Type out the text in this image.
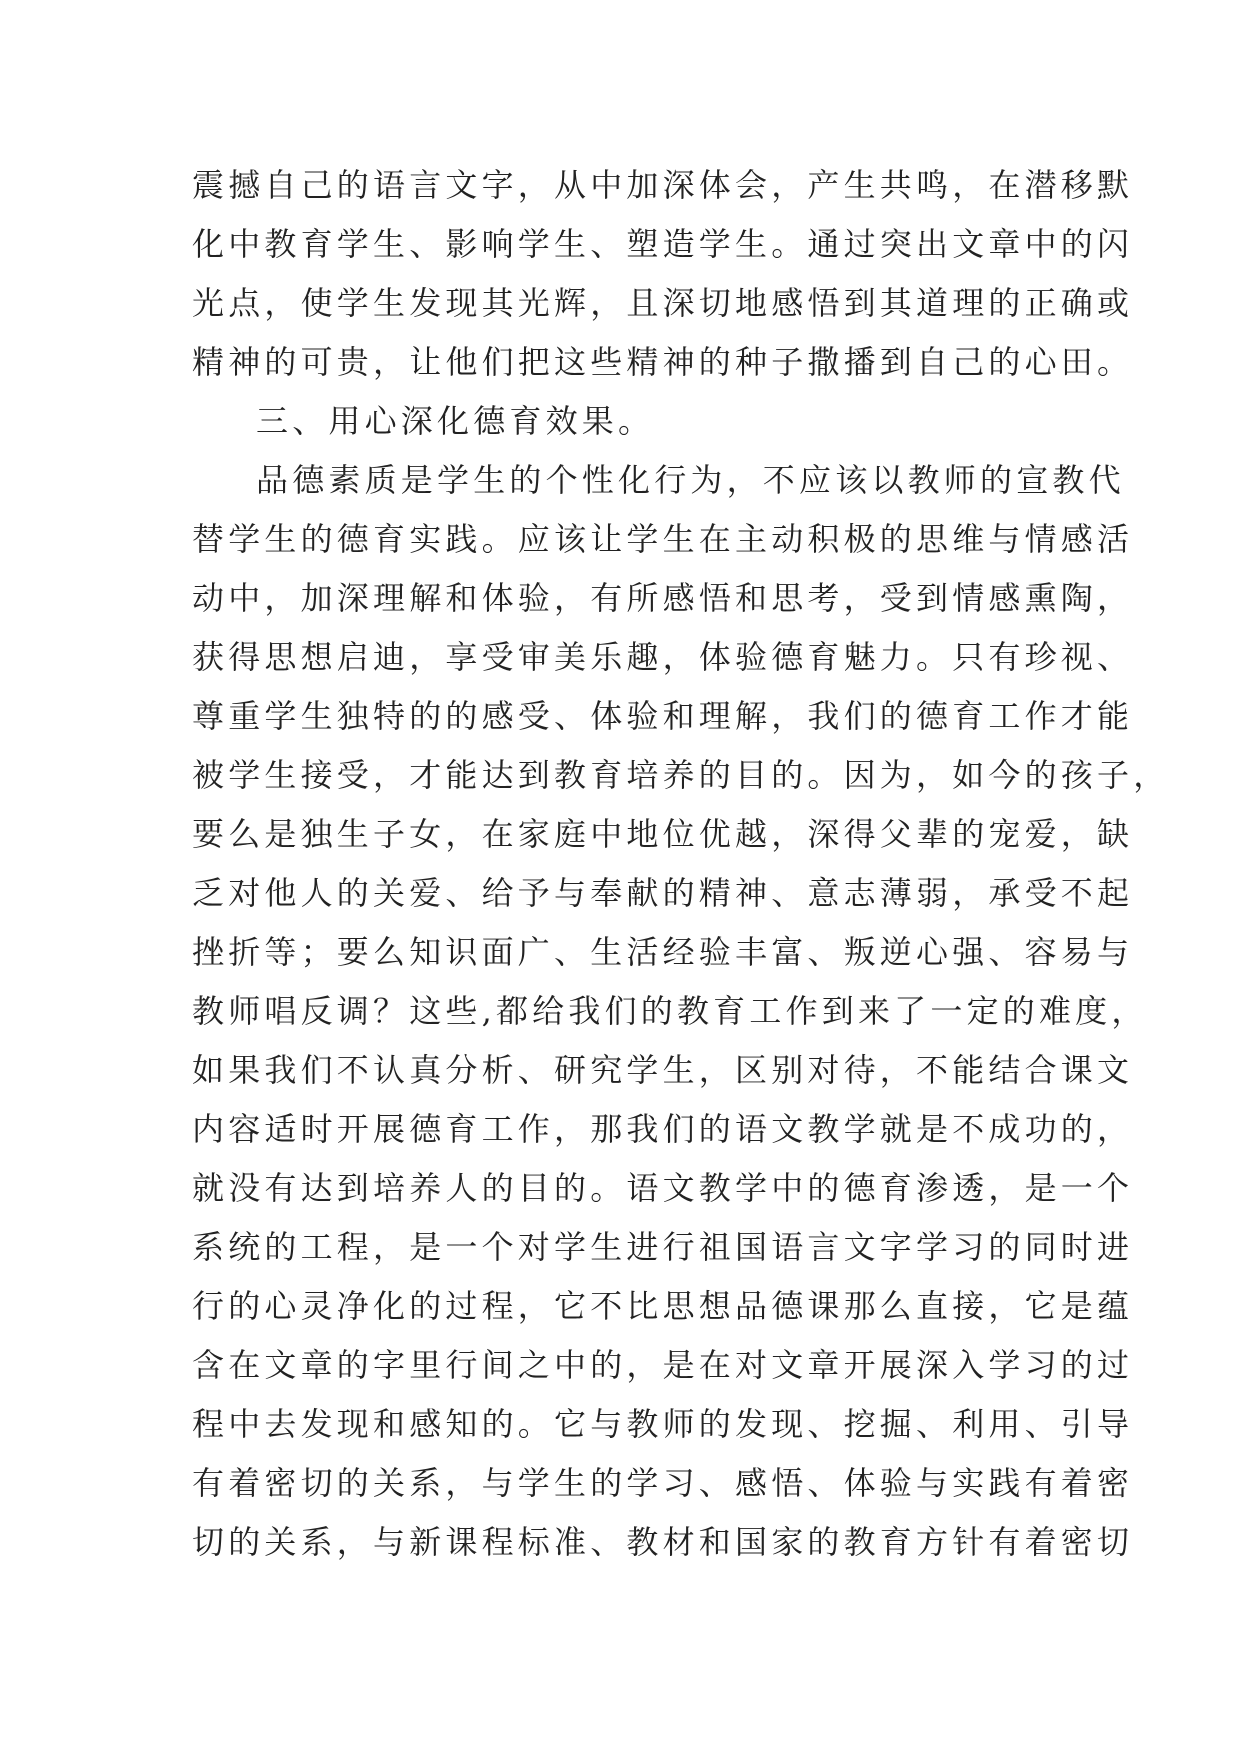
震撼自己的语言文字，从中加深体会，产生共鸣，在潜移默
化中教育学生、影响学生、塑造学生。通过突出文章中的闪
光点，使学生发现其光辉，且深切地感悟到其道理的正确或
精神的可贵，让他们把这些精神的种子撒播到自己的心田。
三、用心深化德育效果。
品德素质是学生的个性化行为，不应该以教师的宣教代
替学生的德育实践。应该让学生在主动积极的思维与情感活
动中，加深理解和体验，有所感悟和思考，受到情感熏陶，
获得思想启迪，享受审美乐趣，体验德育魅力。只有珍视、
尊重学生独特的的感受、体验和理解，我们的德育工作才能
被学生接受，才能达到教育培养的目的。因为，如今的孩子，
要么是独生子女，在家庭中地位优越，深得父辈的宠爱，缺
乏对他人的关爱、给予与奉献的精神、意志薄弱，承受不起
挫折等；要么知识面广、生活经验丰富、叛逆心强、容易与
教师唱反调？这些,都给我们的教育工作到来了一定的难度，
如果我们不认真分析、研究学生，区别对待，不能结合课文
内容适时开展德育工作，那我们的语文教学就是不成功的，
就没有达到培养人的目的。语文教学中的德育渗透，是一个
系统的工程，是一个对学生进行祖国语言文字学习的同时进
行的心灵净化的过程，它不比思想品德课那么直接，它是蕴
含在文章的字里行间之中的，是在对文章开展深入学习的过
程中去发现和感知的。它与教师的发现、挖掘、利用、引导
有着密切的关系，与学生的学习、感悟、体验与实践有着密
切的关系，与新课程标准、教材和国家的教育方针有着密切
